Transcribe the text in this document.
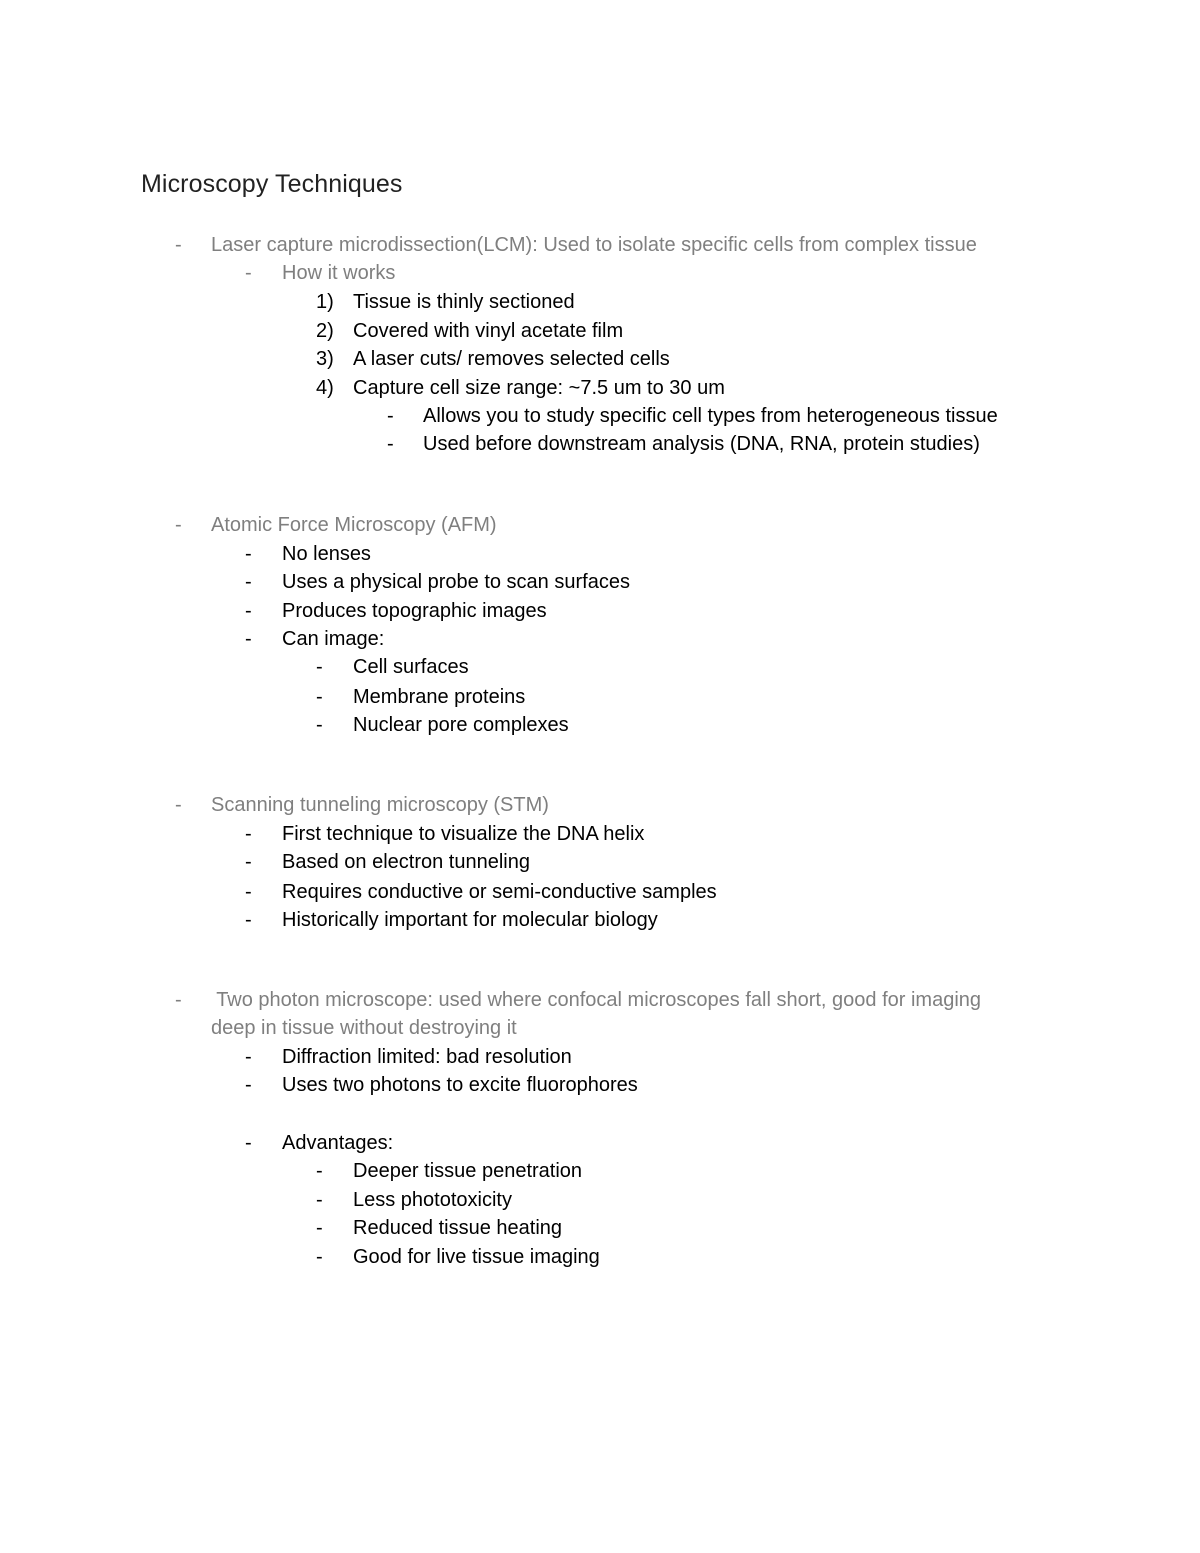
Microscopy Techniques
- Laser capture microdissection(LCM): Used to isolate specific cells from complex tissue
- How it works
1) Tissue is thinly sectioned
2) Covered with vinyl acetate film
3) A laser cuts/ removes selected cells
4) Capture cell size range: ~7.5 um to 30 um
- Allows you to study specific cell types from heterogeneous tissue
- Used before downstream analysis (DNA, RNA, protein studies)
- Atomic Force Microscopy (AFM)
- No lenses
- Uses a physical probe to scan surfaces
- Produces topographic images
- Can image:
- Cell surfaces
- Membrane proteins
- Nuclear pore complexes
- Scanning tunneling microscopy (STM)
- First technique to visualize the DNA helix
- Based on electron tunneling
- Requires conductive or semi-conductive samples
- Historically important for molecular biology
- Two photon microscope: used where confocal microscopes fall short, good for imaging
deep in tissue without destroying it
- Diffraction limited: bad resolution
- Uses two photons to excite fluorophores
- Advantages:
- Deeper tissue penetration
- Less phototoxicity
- Reduced tissue heating
- Good for live tissue imaging
